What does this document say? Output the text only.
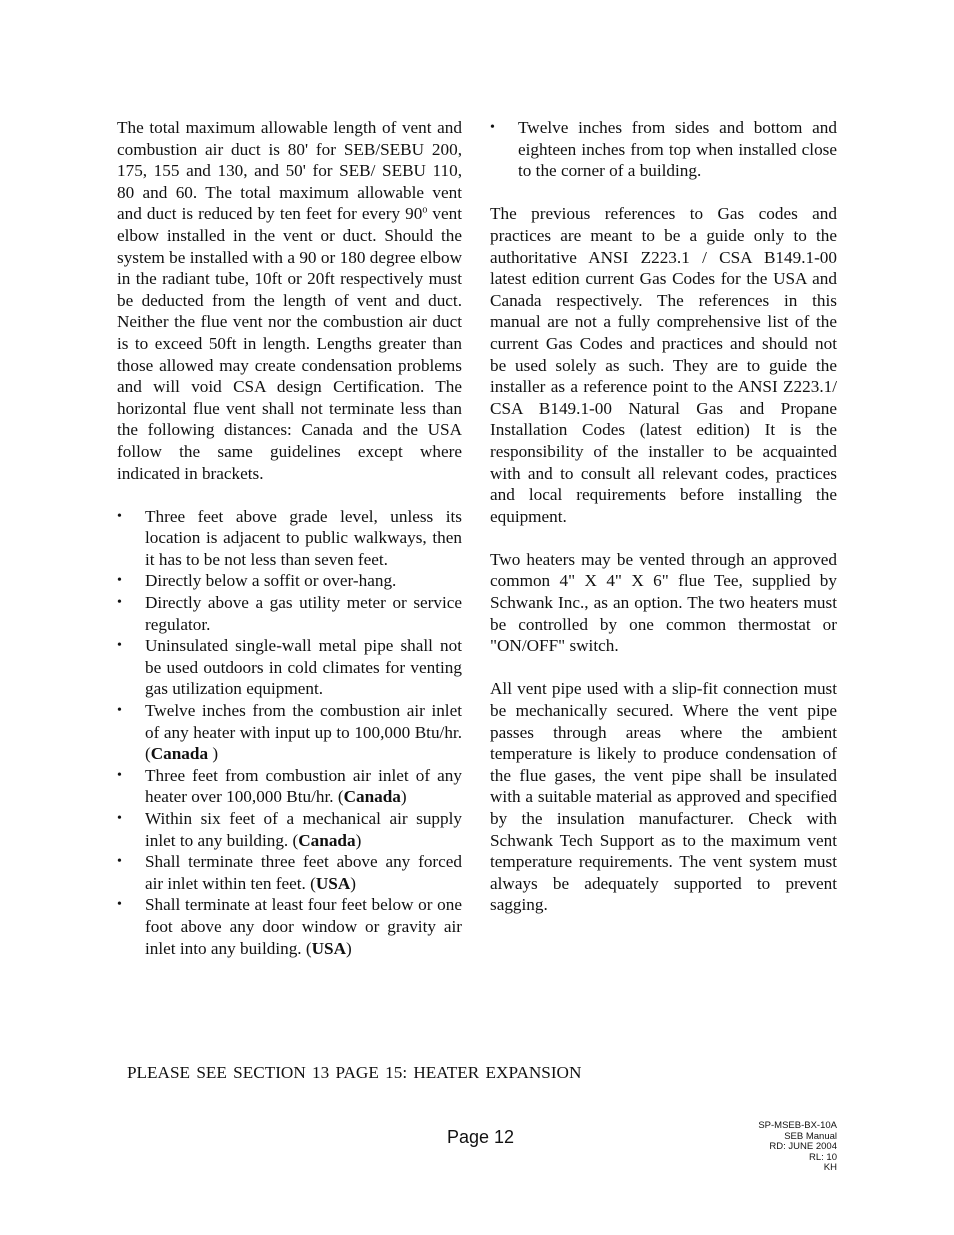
The total maximum allowable length of vent and combustion air duct is 80' for SEB/SEBU 200, 175, 155 and 130, and 50' for SEB/ SEBU 110, 80 and 60. The total maximum allowable vent and duct is reduced by ten feet for every 90$^o$ vent elbow installed in the vent or duct. Should the system be installed with a 90 or 180 degree elbow in the radiant tube, 10ft or 20ft respectively must be deducted from the length of vent and duct. Neither the flue vent nor the combustion air duct is to exceed 50ft in length. Lengths greater than those allowed may create condensation problems and will void CSA design Certification. The horizontal flue vent shall not terminate less than the following distances: Canada and the USA follow the same guidelines except where indicated in brackets.

• Three feet above grade level, unless its location is adjacent to public walkways, then it has to be not less than seven feet.
• Directly below a soffit or over-hang.
• Directly above a gas utility meter or service regulator.
• Uninsulated single-wall metal pipe shall not be used outdoors in cold climates for venting gas utilization equipment.
• Twelve inches from the combustion air inlet of any heater with input up to 100,000 Btu/hr. (Canada )
• Three feet from combustion air inlet of any heater over 100,000 Btu/hr. (Canada)
• Within six feet of a mechanical air supply inlet to any building. (Canada)
• Shall terminate three feet above any forced air inlet within ten feet. (USA)
• Shall terminate at least four feet below or one foot above any door window or gravity air inlet into any building. (USA)
• Twelve inches from sides and bottom and eighteen inches from top when installed close to the corner of a building.

The previous references to Gas codes and practices are meant to be a guide only to the authoritative ANSI Z223.1 / CSA B149.1-00 latest edition current Gas Codes for the USA and Canada respectively. The references in this manual are not a fully comprehensive list of the current Gas Codes and practices and should not be used solely as such. They are to guide the installer as a reference point to the ANSI Z223.1/ CSA B149.1-00 Natural Gas and Propane Installation Codes (latest edition) It is the responsibility of the installer to be acquainted with and to consult all relevant codes, practices and local requirements before installing the equipment.

Two heaters may be vented through an approved common 4" X 4" X 6" flue Tee, supplied by Schwank Inc., as an option. The two heaters must be controlled by one common thermostat or "ON/OFF" switch.

All vent pipe used with a slip-fit connection must be mechanically secured. Where the vent pipe passes through areas where the ambient temperature is likely to produce condensation of the flue gases, the vent pipe shall be insulated with a suitable material as approved and specified by the insulation manufacturer. Check with Schwank Tech Support as to the maximum vent temperature requirements. The vent system must always be adequately supported to prevent sagging.

PLEASE SEE SECTION 13 PAGE 15: HEATER EXPANSION
Page 12
SP-MSEB-BX-10A
SEB Manual
RD: JUNE 2004
RL: 10
KH
